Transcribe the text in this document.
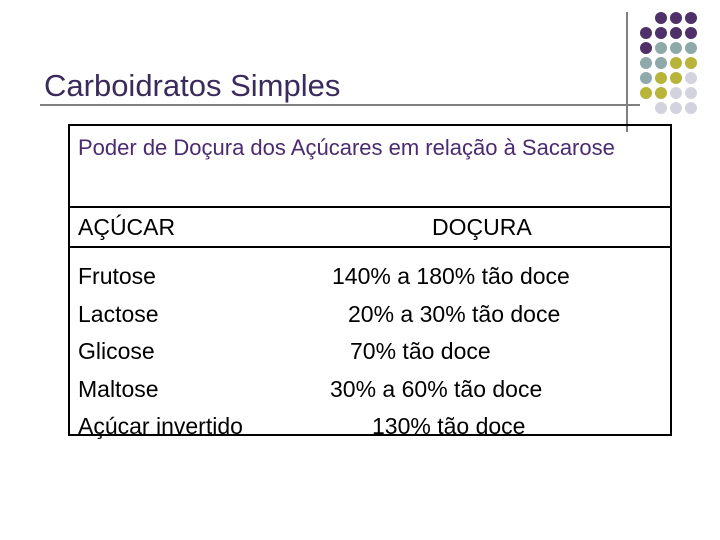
Carboidratos Simples
Poder de Doçura dos Açúcares em relação à Sacarose
AÇÚCAR	DOÇURA
Frutose
Lactose
Glicose
Maltose
Açúcar invertido
140% a 180% tão doce
20% a 30% tão doce
70% tão doce
30% a 60% tão doce
130% tão doce
